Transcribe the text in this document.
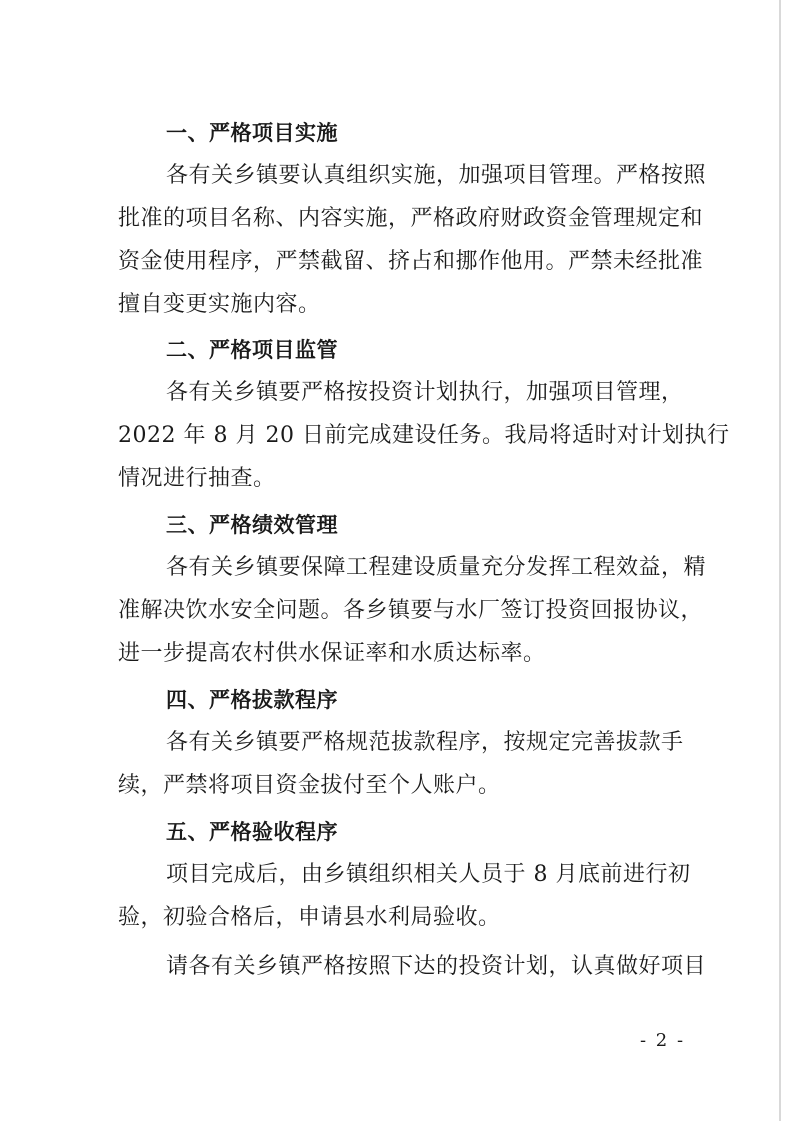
一、严格项目实施
各有关乡镇要认真组织实施，加强项目管理。严格按照
批准的项目名称、内容实施，严格政府财政资金管理规定和
资金使用程序，严禁截留、挤占和挪作他用。严禁未经批准
擅自变更实施内容。
二、严格项目监管
各有关乡镇要严格按投资计划执行，加强项目管理，
2022 年 8 月 20 日前完成建设任务。我局将适时对计划执行
情况进行抽查。
三、严格绩效管理
各有关乡镇要保障工程建设质量充分发挥工程效益，精
准解决饮水安全问题。各乡镇要与水厂签订投资回报协议，
进一步提高农村供水保证率和水质达标率。
四、严格拔款程序
各有关乡镇要严格规范拔款程序，按规定完善拔款手
续，严禁将项目资金拔付至个人账户。
五、严格验收程序
项目完成后，由乡镇组织相关人员于 8 月底前进行初
验，初验合格后，申请县水利局验收。
请各有关乡镇严格按照下达的投资计划，认真做好项目
- 2 -
